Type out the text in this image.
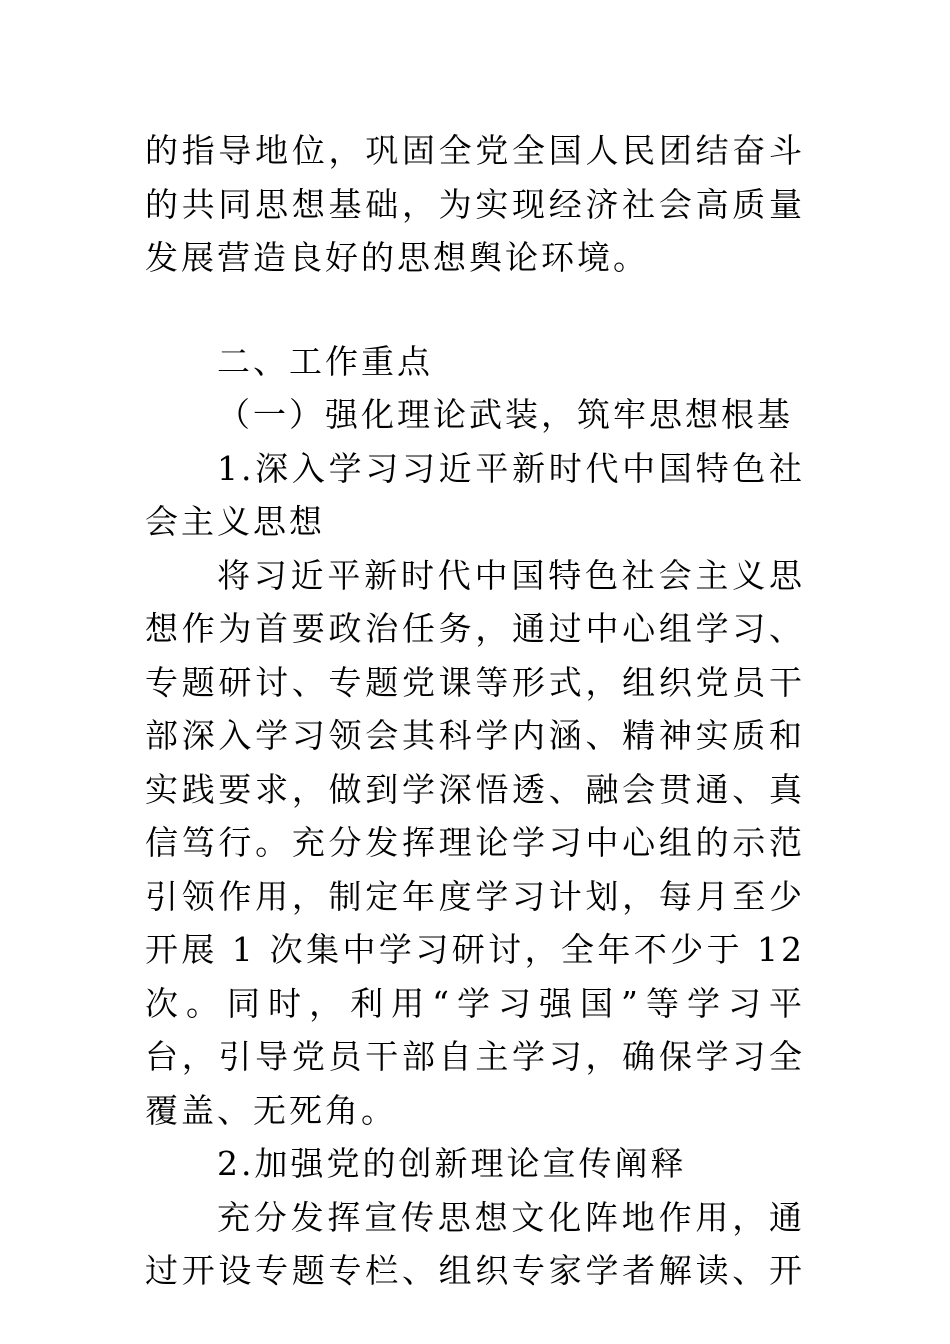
的指导地位，巩固全党全国人民团结奋斗
的共同思想基础，为实现经济社会高质量
发展营造良好的思想舆论环境。
二、工作重点
（一）强化理论武装，筑牢思想根基
1.深入学习习近平新时代中国特色社
会主义思想
将习近平新时代中国特色社会主义思
想作为首要政治任务，通过中心组学习、
专题研讨、专题党课等形式，组织党员干
部深入学习领会其科学内涵、精神实质和
实践要求，做到学深悟透、融会贯通、真
信笃行。充分发挥理论学习中心组的示范
引领作用，制定年度学习计划，每月至少
开展 1 次集中学习研讨，全年不少于 12
次。同时，利用“学习强国”等学习平
台，引导党员干部自主学习，确保学习全
覆盖、无死角。
2.加强党的创新理论宣传阐释
充分发挥宣传思想文化阵地作用，通
过开设专题专栏、组织专家学者解读、开
